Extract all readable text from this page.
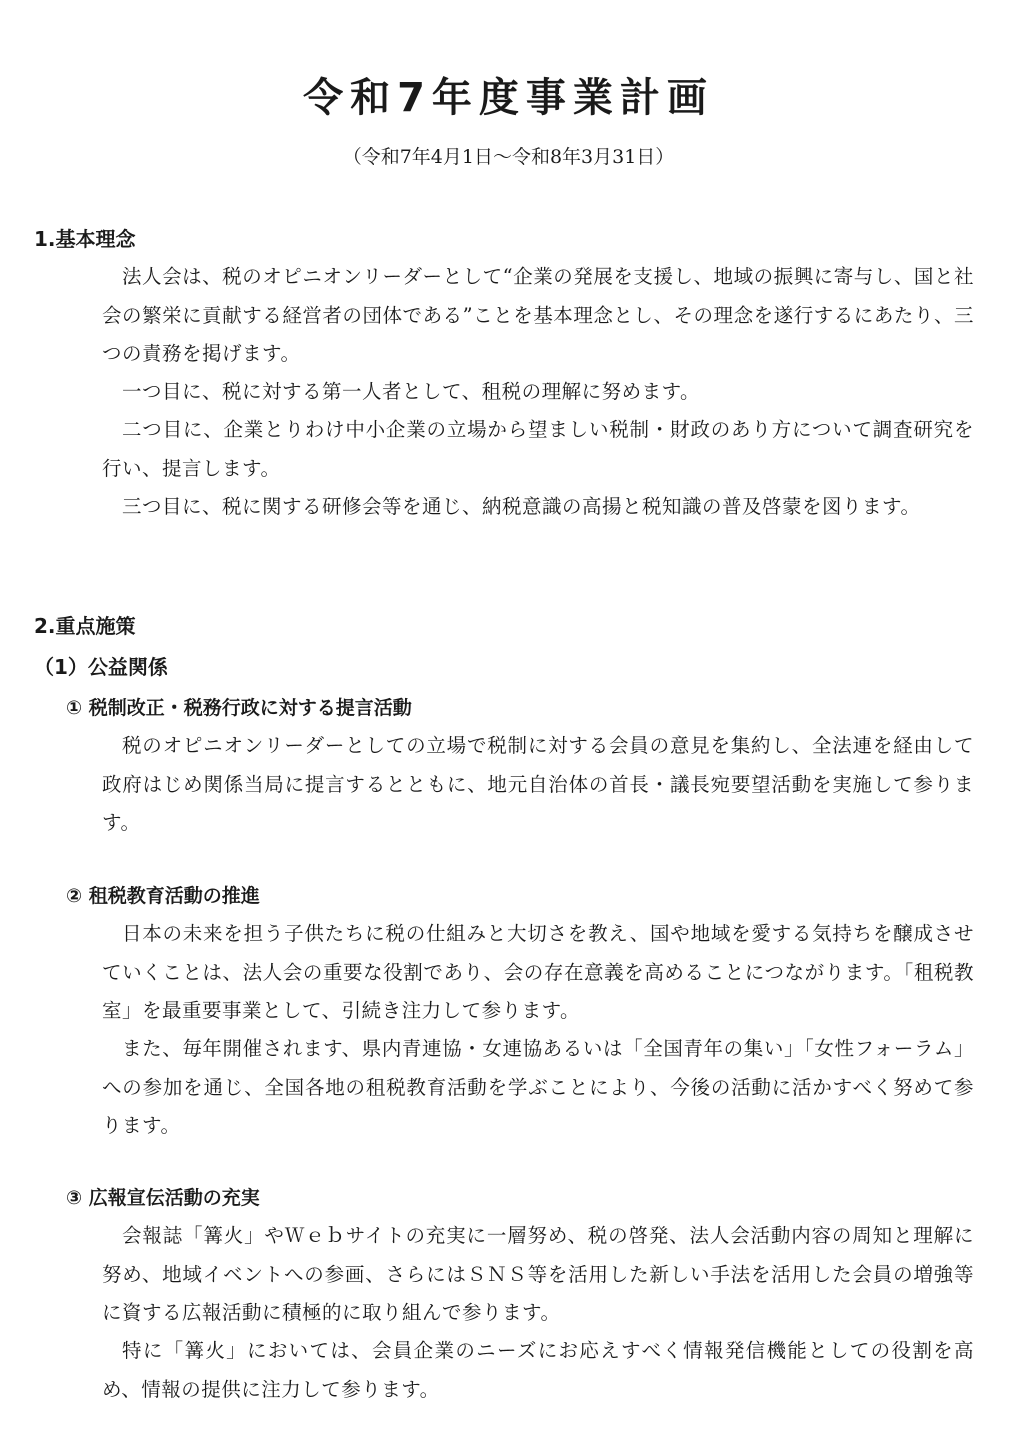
令和7年度事業計画
（令和7年4月1日～令和8年3月31日）
1.基本理念

法人会は、税のオピニオンリーダーとして“企業の発展を支援し、地域の振興に寄与し、国と社会の繁栄に貢献する経営者の団体である”ことを基本理念とし、その理念を遂行するにあたり、三つの責務を掲げます。

一つ目に、税に対する第一人者として、租税の理解に努めます。

二つ目に、企業とりわけ中小企業の立場から望ましい税制・財政のあり方について調査研究を行い、提言します。

三つ目に、税に関する研修会等を通じ、納税意識の高揚と税知識の普及啓蒙を図ります。

2.重点施策
（1）公益関係
① 税制改正・税務行政に対する提言活動

税のオピニオンリーダーとしての立場で税制に対する会員の意見を集約し、全法連を経由して政府はじめ関係当局に提言するとともに、地元自治体の首長・議長宛要望活動を実施して参ります。

② 租税教育活動の推進

日本の未来を担う子供たちに税の仕組みと大切さを教え、国や地域を愛する気持ちを醸成させていくことは、法人会の重要な役割であり、会の存在意義を高めることにつながります。「租税教室」を最重要事業として、引続き注力して参ります。

また、毎年開催されます、県内青連協・女連協あるいは「全国青年の集い」「女性フォーラム」への参加を通じ、全国各地の租税教育活動を学ぶことにより、今後の活動に活かすべく努めて参ります。

③ 広報宣伝活動の充実

会報誌「篝火」やＷｅｂサイトの充実に一層努め、税の啓発、法人会活動内容の周知と理解に努め、地域イベントへの参画、さらにはＳＮＳ等を活用した新しい手法を活用した会員の増強等に資する広報活動に積極的に取り組んで参ります。

特に「篝火」においては、会員企業のニーズにお応えすべく情報発信機能としての役割を高め、情報の提供に注力して参ります。
